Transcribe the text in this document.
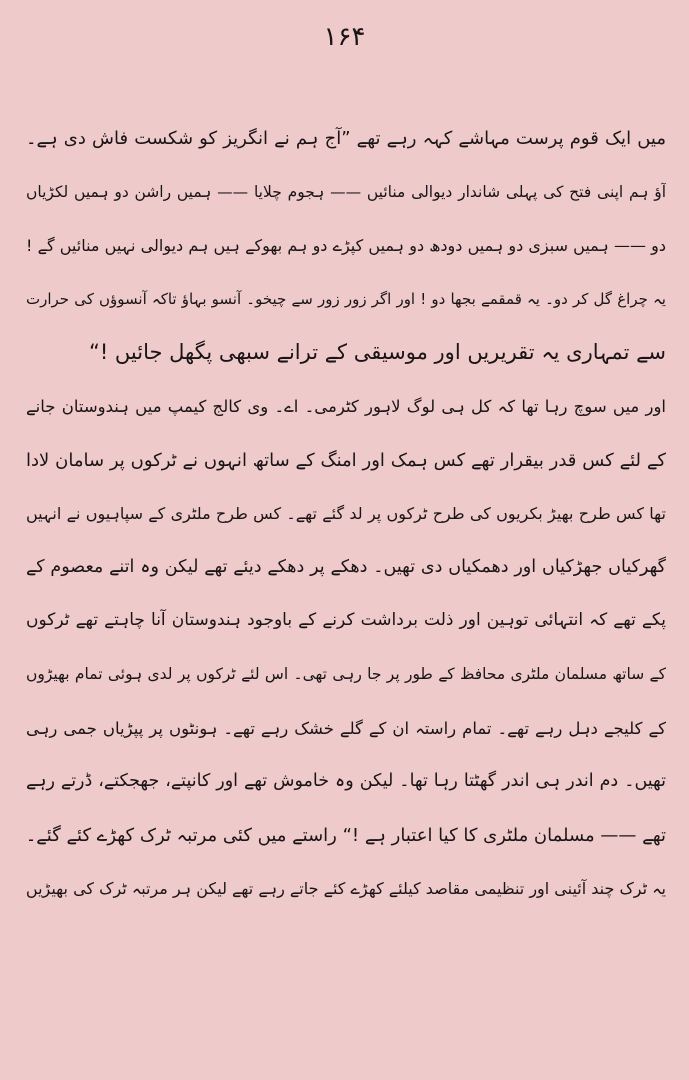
۱۶۴
میں ایک قوم پرست مہاشے کہہ رہے تھے ”آج ہم نے انگریز کو شکست فاش دی ہے۔
آؤ ہم اپنی فتح کی پہلی شاندار دیوالی منائیں —— ہجوم چلایا —— ہمیں راشن دو ہمیں لکڑیاں
دو —— ہمیں سبزی دو ہمیں دودھ دو ہمیں کپڑے دو ہم بھوکے ہیں ہم دیوالی نہیں منائیں گے !
یہ چراغ گل کر دو۔ یہ قمقمے بجھا دو ! اور اگر زور زور سے چیخو۔ آنسو بہاؤ تاکہ آنسوؤں کی حرارت
سے تمہاری یہ تقریریں اور موسیقی کے ترانے سبھی پگھل جائیں !“
اور میں سوچ رہا تھا کہ کل ہی لوگ لاہور کٹرمی۔ اے۔ وی کالج کیمپ میں ہندوستان جانے
کے لئے کس قدر بیقرار تھے کس ہمک اور امنگ کے ساتھ انہوں نے ٹرکوں پر سامان لادا
تھا کس طرح بھیڑ بکریوں کی طرح ٹرکوں پر لد گئے تھے۔ کس طرح ملٹری کے سپاہیوں نے انہیں
گھرکیاں جھڑکیاں اور دھمکیاں دی تھیں۔ دھکے پر دھکے دیئے تھے لیکن وہ اتنے معصوم کے
پکے تھے کہ انتہائی توہین اور ذلت برداشت کرنے کے باوجود ہندوستان آنا چاہتے تھے ٹرکوں
کے ساتھ مسلمان ملٹری محافظ کے طور پر جا رہی تھی۔ اس لئے ٹرکوں پر لدی ہوئی تمام بھیڑوں
کے کلیجے دہل رہے تھے۔ تمام راستہ ان کے گلے خشک رہے تھے۔ ہونٹوں پر پپڑیاں جمی رہی
تھیں۔ دم اندر ہی اندر گھٹتا رہا تھا۔ لیکن وہ خاموش تھے اور کانپتے، جھجکتے، ڈرتے رہے
تھے —— مسلمان ملٹری کا کیا اعتبار ہے !“ راستے میں کئی مرتبہ ٹرک کھڑے کئے گئے۔
یہ ٹرک چند آئینی اور تنظیمی مقاصد کیلئے کھڑے کئے جاتے رہے تھے لیکن ہر مرتبہ ٹرک کی بھیڑیں
